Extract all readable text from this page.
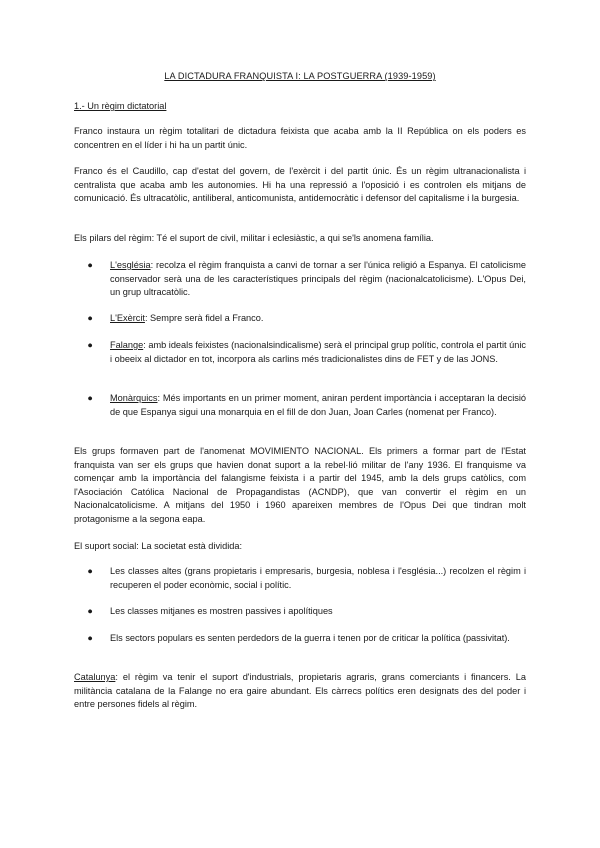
LA DICTADURA FRANQUISTA I: LA POSTGUERRA (1939-1959)
1.- Un règim dictatorial
Franco instaura un règim totalitari de dictadura feixista que acaba amb la II República on els poders es concentren en el líder i hi ha un partit únic.
Franco és el Caudillo, cap d'estat del govern, de l'exèrcit i del partit únic. És un règim ultranacionalista i centralista que acaba amb les autonomies. Hi ha una repressió a l'oposició i es controlen els mitjans de comunicació. És ultracatòlic, antiliberal, anticomunista, antidemocràtic i defensor del capitalisme i la burgesia.
Els pilars del règim: Té el suport de civil, militar i eclesiàstic, a qui se'ls anomena família.
● L'església: recolza el règim franquista a canvi de tornar a ser l'única religió a Espanya. El catolicisme conservador serà una de les característiques principals del règim (nacionalcatolicisme). L'Opus Dei, un grup ultracatòlic.
● L'Exèrcit: Sempre serà fidel a Franco.
● Falange: amb ideals feixistes (nacionalsindicalisme) serà el principal grup polític, controla el partit únic i obeeix al dictador en tot, incorpora als carlins més tradicionalistes dins de FET y de las JONS.
● Monàrquics: Més importants en un primer moment, aniran perdent importància i acceptaran la decisió de que Espanya sigui una monarquia en el fill de don Juan, Joan Carles (nomenat per Franco).
Els grups formaven part de l'anomenat MOVIMIENTO NACIONAL. Els primers a formar part de l'Estat franquista van ser els grups que havien donat suport a la rebel·lió militar de l'any 1936. El franquisme va començar amb la importància del falangisme feixista i a partir del 1945, amb la dels grups catòlics, com l'Asociación Católica Nacional de Propagandistas (ACNDP), que van convertir el règim en un Nacionalcatolicisme. A mitjans del 1950 i 1960 apareixen membres de l'Opus Dei que tindran molt protagonisme a la segona eapa.
El suport social: La societat està dividida:
● Les classes altes (grans propietaris i empresaris, burgesia, noblesa i l'església...) recolzen el règim i recuperen el poder econòmic, social i polític.
● Les classes mitjanes es mostren passives i apolítiques
● Els sectors populars es senten perdedors de la guerra i tenen por de criticar la política (passivitat).
Catalunya: el règim va tenir el suport d'industrials, propietaris agraris, grans comerciants i financers. La militància catalana de la Falange no era gaire abundant. Els càrrecs polítics eren designats des del poder i entre persones fidels al règim.
